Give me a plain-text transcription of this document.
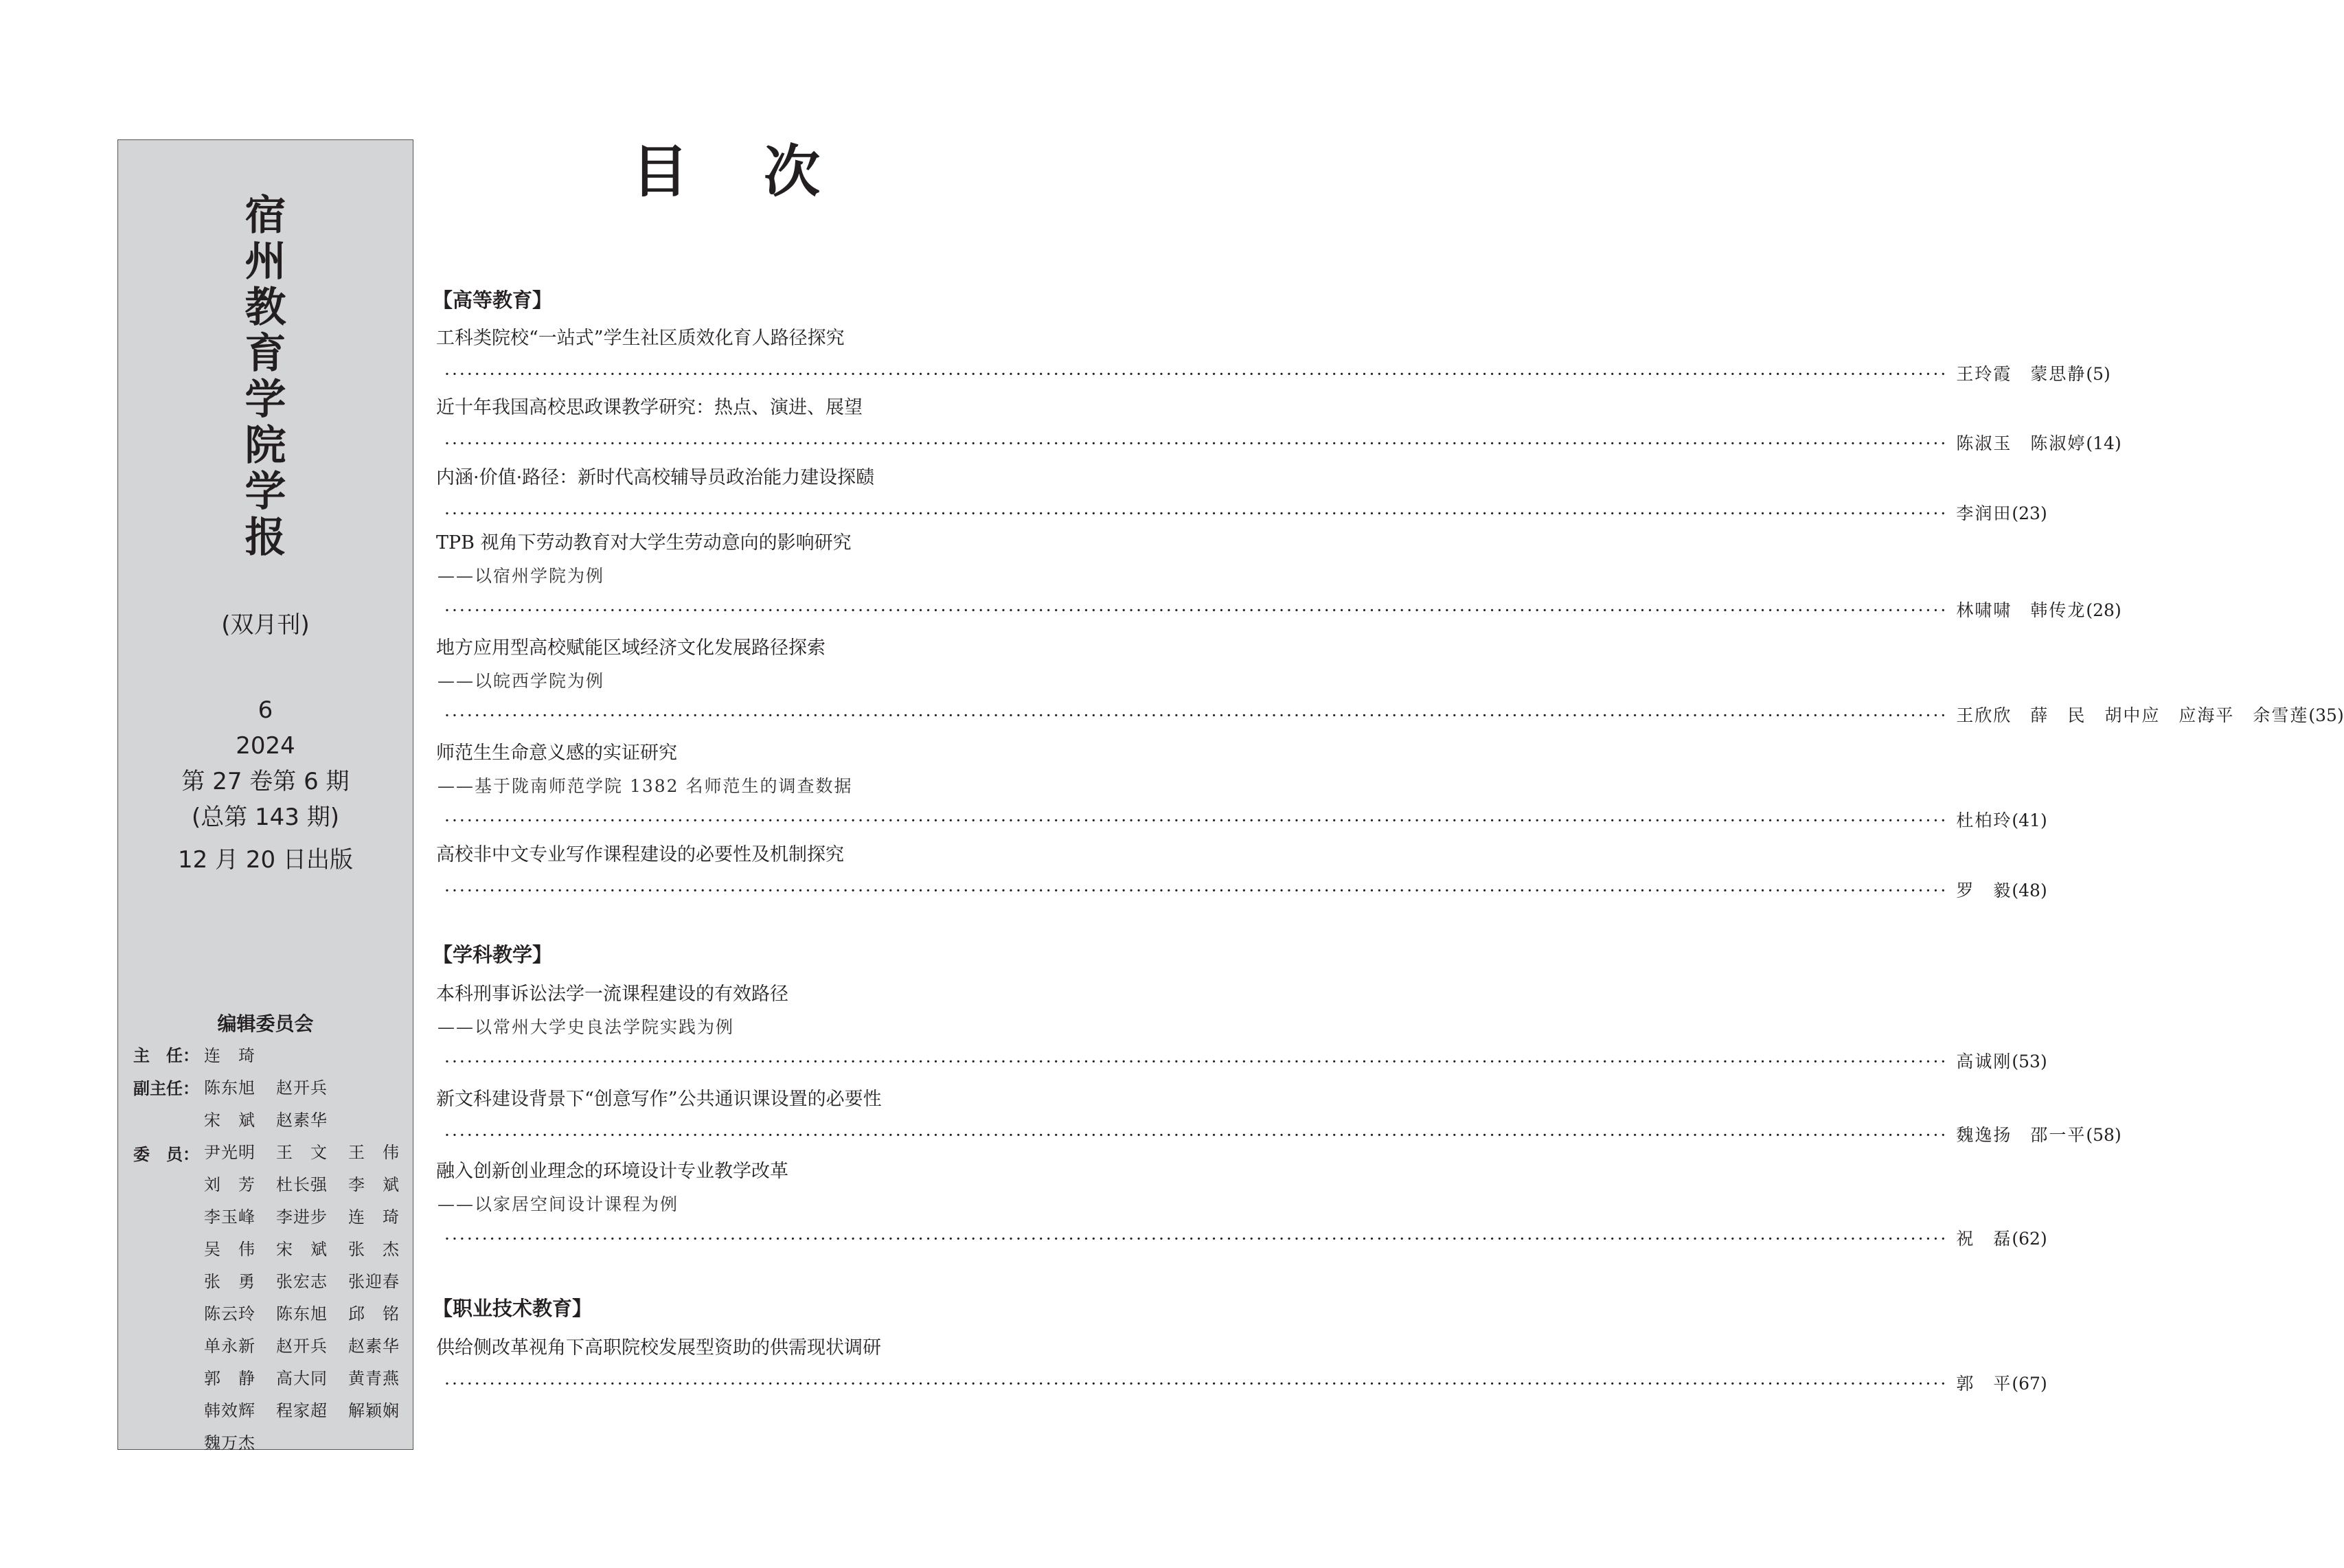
宿
州
教
育
学
院
学
报
(双月刊)
6
2024
第 27 卷第 6 期
(总第 143 期)
12 月 20 日出版
编辑委员会
主　任：
副主任：
委　员：
连　琦
陈东旭 赵开兵
宋　斌 赵素华
尹光明 王　文 王　伟
刘　芳 杜长强 李　斌
李玉峰 李进步 连　琦
吴　伟 宋　斌 张　杰
张　勇 张宏志 张迎春
陈云玲 陈东旭 邱　铭
单永新 赵开兵 赵素华
郭　静 高大同 黄青燕
韩效辉 程家超 解颖娴
魏万杰
目次
【高等教育】
工科类院校“一站式”学生社区质效化育人路径探究
········································································································································································································ 王玲霞　蒙思静(5)
近十年我国高校思政课教学研究：热点、演进、展望
········································································································································································································ 陈淑玉　陈淑婷(14)
内涵·价值·路径：新时代高校辅导员政治能力建设探赜
········································································································································································································ 李润田(23)
TPB 视角下劳动教育对大学生劳动意向的影响研究
——以宿州学院为例
········································································································································································································ 林啸啸　韩传龙(28)
地方应用型高校赋能区域经济文化发展路径探索
——以皖西学院为例
········································································································································································································ 王欣欣　薛　民　胡中应　应海平　余雪莲(35)
师范生生命意义感的实证研究
——基于陇南师范学院 1382 名师范生的调查数据
········································································································································································································ 杜柏玲(41)
高校非中文专业写作课程建设的必要性及机制探究
········································································································································································································ 罗　毅(48)
【学科教学】
本科刑事诉讼法学一流课程建设的有效路径
——以常州大学史良法学院实践为例
········································································································································································································ 高诚刚(53)
新文科建设背景下“创意写作”公共通识课设置的必要性
········································································································································································································ 魏逸扬　邵一平(58)
融入创新创业理念的环境设计专业教学改革
——以家居空间设计课程为例
········································································································································································································ 祝　磊(62)
【职业技术教育】
供给侧改革视角下高职院校发展型资助的供需现状调研
········································································································································································································ 郭　平(67)
